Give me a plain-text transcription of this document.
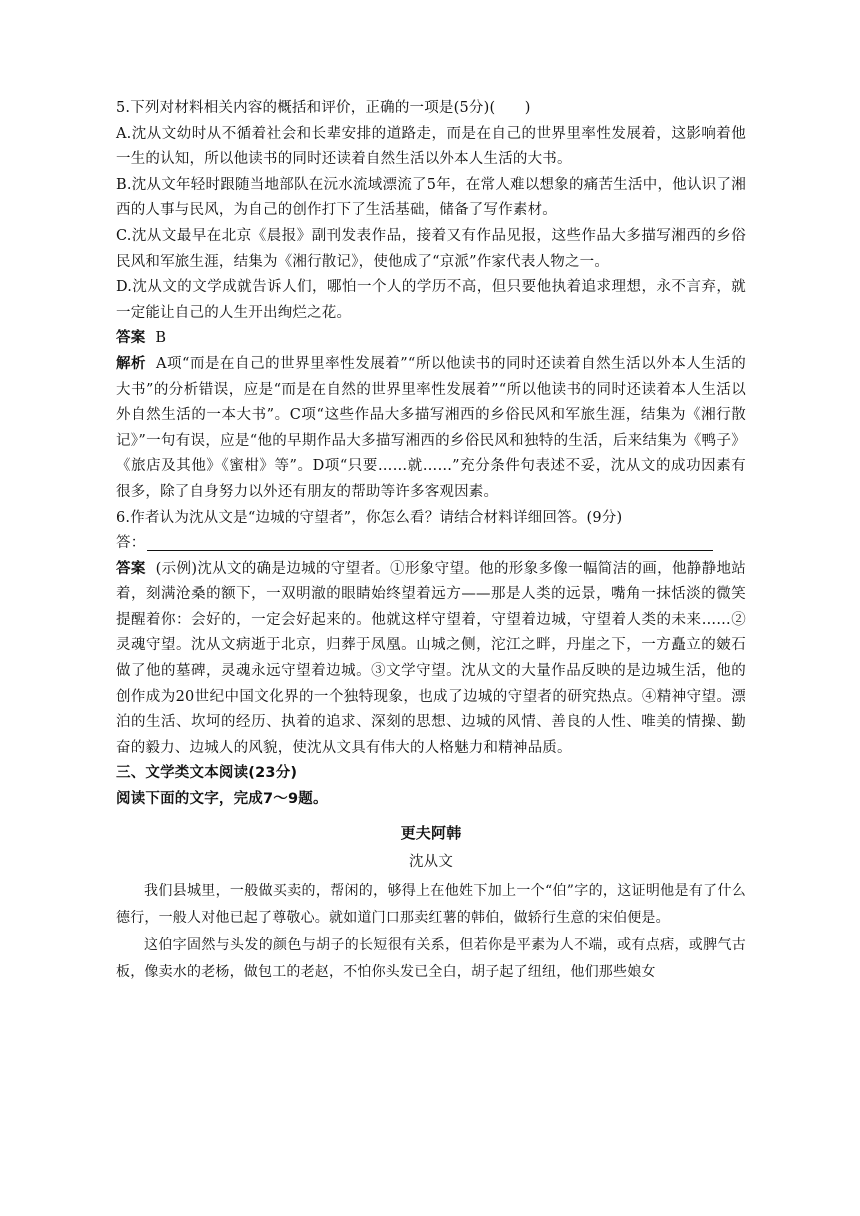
5.下列对材料相关内容的概括和评价，正确的一项是(5分)(　　)

A.沈从文幼时从不循着社会和长辈安排的道路走，而是在自己的世界里率性发展着，这影响着他一生的认知，所以他读书的同时还读着自然生活以外本人生活的大书。

B.沈从文年轻时跟随当地部队在沅水流域漂流了5年，在常人难以想象的痛苦生活中，他认识了湘西的人事与民风，为自己的创作打下了生活基础，储备了写作素材。

C.沈从文最早在北京《晨报》副刊发表作品，接着又有作品见报，这些作品大多描写湘西的乡俗民风和军旅生涯，结集为《湘行散记》，使他成了“京派”作家代表人物之一。

D.沈从文的文学成就告诉人们，哪怕一个人的学历不高，但只要他执着追求理想，永不言弃，就一定能让自己的人生开出绚烂之花。

答案 B

解析 A项“而是在自己的世界里率性发展着”“所以他读书的同时还读着自然生活以外本人生活的大书”的分析错误，应是“而是在自然的世界里率性发展着”“所以他读书的同时还读着本人生活以外自然生活的一本大书”。C项“这些作品大多描写湘西的乡俗民风和军旅生涯，结集为《湘行散记》”一句有误，应是“他的早期作品大多描写湘西的乡俗民风和独特的生活，后来结集为《鸭子》《旅店及其他》《蜜柑》等”。D项“只要……就……”充分条件句表述不妥，沈从文的成功因素有很多，除了自身努力以外还有朋友的帮助等许多客观因素。

6.作者认为沈从文是“边城的守望者”，你怎么看？请结合材料详细回答。(9分)

答：

答案 (示例)沈从文的确是边城的守望者。①形象守望。他的形象多像一幅简洁的画，他静静地站着，刻满沧桑的额下，一双明澈的眼睛始终望着远方——那是人类的远景，嘴角一抹恬淡的微笑提醒着你：会好的，一定会好起来的。他就这样守望着，守望着边城，守望着人类的未来……②灵魂守望。沈从文病逝于北京，归葬于凤凰。山城之侧，沱江之畔，丹崖之下，一方矗立的皴石做了他的墓碑，灵魂永远守望着边城。③文学守望。沈从文的大量作品反映的是边城生活，他的创作成为20世纪中国文化界的一个独特现象，也成了边城的守望者的研究热点。④精神守望。漂泊的生活、坎坷的经历、执着的追求、深刻的思想、边城的风情、善良的人性、唯美的情操、勤奋的毅力、边城人的风貌，使沈从文具有伟大的人格魅力和精神品质。

三、文学类文本阅读(23分)

阅读下面的文字，完成7～9题。

更夫阿韩

沈从文

我们县城里，一般做买卖的，帮闲的，够得上在他姓下加上一个“伯”字的，这证明他是有了什么德行，一般人对他已起了尊敬心。就如道门口那卖红薯的韩伯，做轿行生意的宋伯便是。

这伯字固然与头发的颜色与胡子的长短很有关系，但若你是平素为人不端，或有点痞，或脾气古板，像卖水的老杨，做包工的老赵，不怕你头发已全白，胡子起了纽纽，他们那些娘女
